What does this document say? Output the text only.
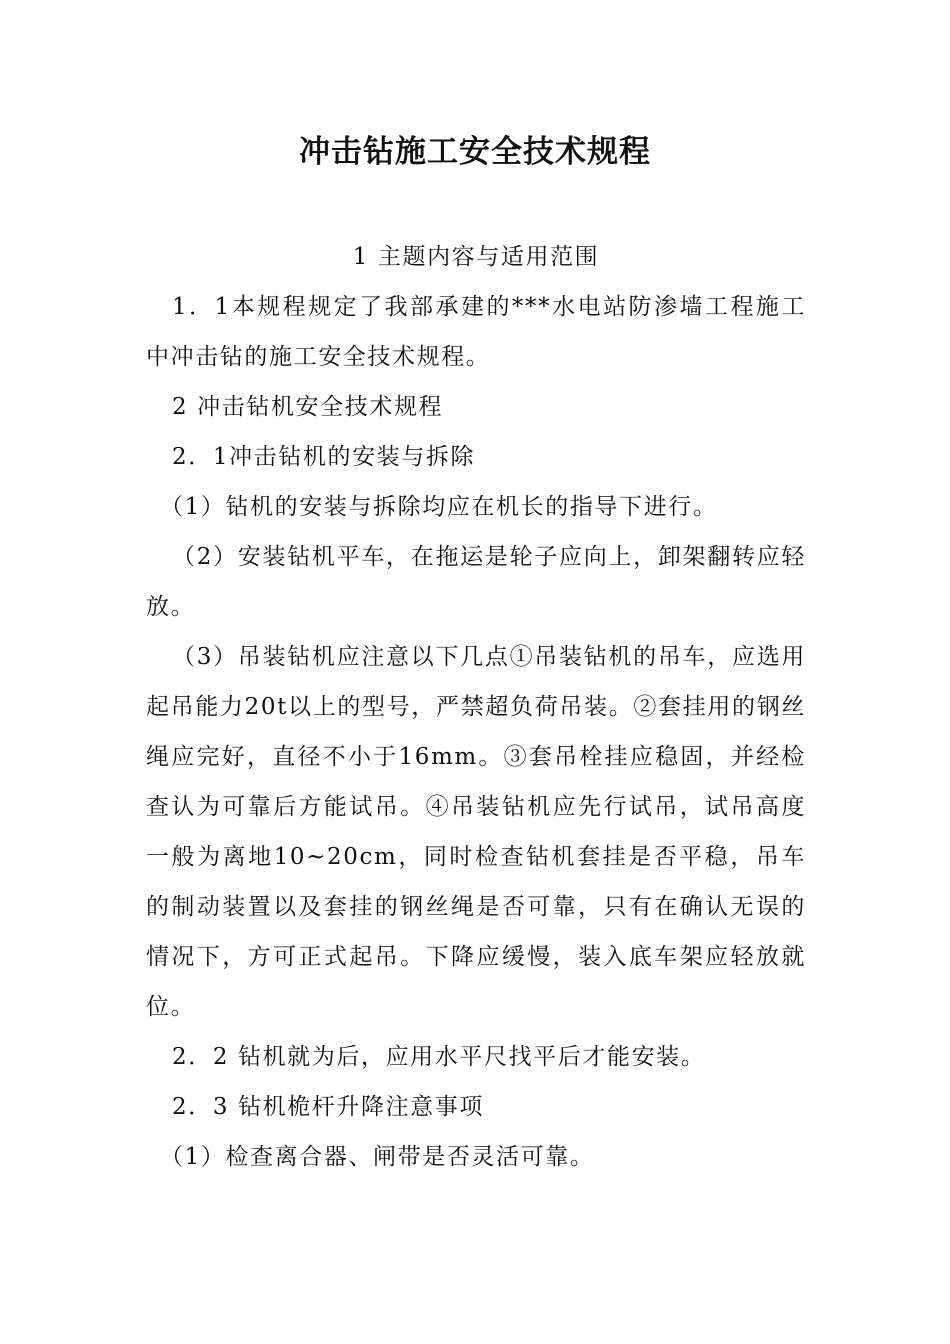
冲击钻施工安全技术规程

1 主题内容与适用范围

1．1本规程规定了我部承建的***水电站防渗墙工程施工中冲击钻的施工安全技术规程。

2 冲击钻机安全技术规程

2．1冲击钻机的安装与拆除

（1）钻机的安装与拆除均应在机长的指导下进行。

（2）安装钻机平车，在拖运是轮子应向上，卸架翻转应轻放。

（3）吊装钻机应注意以下几点①吊装钻机的吊车，应选用起吊能力20t以上的型号，严禁超负荷吊装。②套挂用的钢丝绳应完好，直径不小于16mm。③套吊栓挂应稳固，并经检查认为可靠后方能试吊。④吊装钻机应先行试吊，试吊高度一般为离地10~20cm，同时检查钻机套挂是否平稳，吊车的制动装置以及套挂的钢丝绳是否可靠，只有在确认无误的情况下，方可正式起吊。下降应缓慢，装入底车架应轻放就位。

2．2 钻机就为后，应用水平尺找平后才能安装。

2．3 钻机桅杆升降注意事项

（1）检查离合器、闸带是否灵活可靠。
